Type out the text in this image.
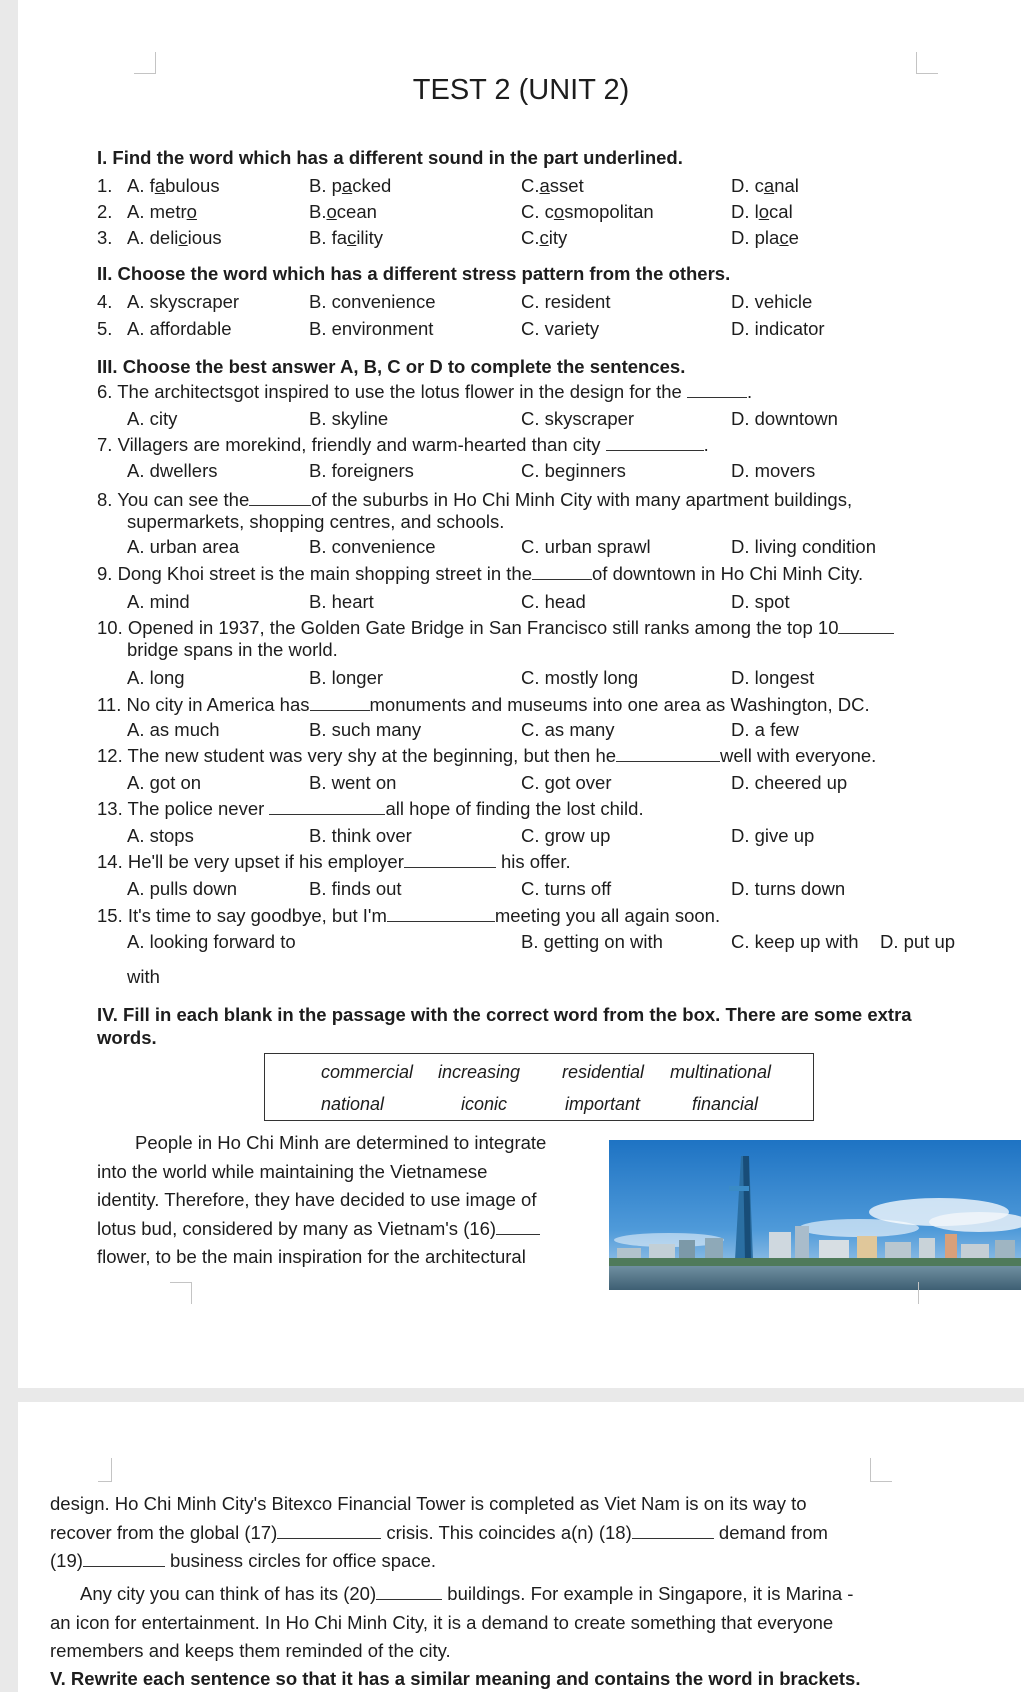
TEST 2 (UNIT 2)
I. Find the word which has a different sound in the part underlined.
1. A. fabulous	B. packed	C.asset	D. canal
2. A. metro	B.ocean	C. cosmopolitan	D. local
3. A. delicious	B. facility	C.city	D. place
II. Choose the word which has a different stress pattern from the others.
4. A. skyscraper	B. convenience	C. resident	D. vehicle
5. A. affordable	B. environment	C. variety	D. indicator
III. Choose the best answer A, B, C or D to complete the sentences.
6. The architectsgot inspired to use the lotus flower in the design for the	.
A. city	B. skyline	C. skyscraper	D. downtown
7. Villagers are morekind, friendly and warm-hearted than city	.
A. dwellers	B. foreigners	C. beginners	D. movers
8. You can see the	of the suburbs in Ho Chi Minh City with many apartment buildings,
supermarkets, shopping centres, and schools.
A. urban area	B. convenience	C. urban sprawl	D. living condition
9. Dong Khoi street is the main shopping street in the	of downtown in Ho Chi Minh City.
A. mind	B. heart	C. head	D. spot
10. Opened in 1937, the Golden Gate Bridge in San Francisco still ranks among the top 10
bridge spans in the world.
A. long	B. longer	C. mostly long	D. longest
11. No city in America has	monuments and museums into one area as Washington, DC.
A. as much	B. such many	C. as many	D. a few
12. The new student was very shy at the beginning, but then he	well with everyone.
A. got on	B. went on	C. got over	D. cheered up
13. The police never	all hope of finding the lost child.
A. stops	B. think over	C. grow up	D. give up
14. He'll be very upset if his employer	his offer.
A. pulls down	B. finds out	C. turns off	D. turns down
15. It's time to say goodbye, but I'm	meeting you all again soon.
A. looking forward to	B. getting on with	C. keep up with D. put up
with
IV. Fill in each blank in the passage with the correct word from the box. There are some extra
words.
commercial increasing residential multinational
national	iconic	important	financial
People in Ho Chi Minh are determined to integrate
into the world while maintaining the Vietnamese
identity. Therefore, they have decided to use image of
lotus bud, considered by many as Vietnam's (16)
flower, to be the main inspiration for the architectural
design. Ho Chi Minh City's Bitexco Financial Tower is completed as Viet Nam is on its way to
recover from the global (17)	crisis. This coincides a(n) (18)	demand from
(19)	business circles for office space.
Any city you can think of has its (20)	buildings. For example in Singapore, it is Marina -
an icon for entertainment. In Ho Chi Minh City, it is a demand to create something that everyone
remembers and keeps them reminded of the city.
V. Rewrite each sentence so that it has a similar meaning and contains the word in brackets.
